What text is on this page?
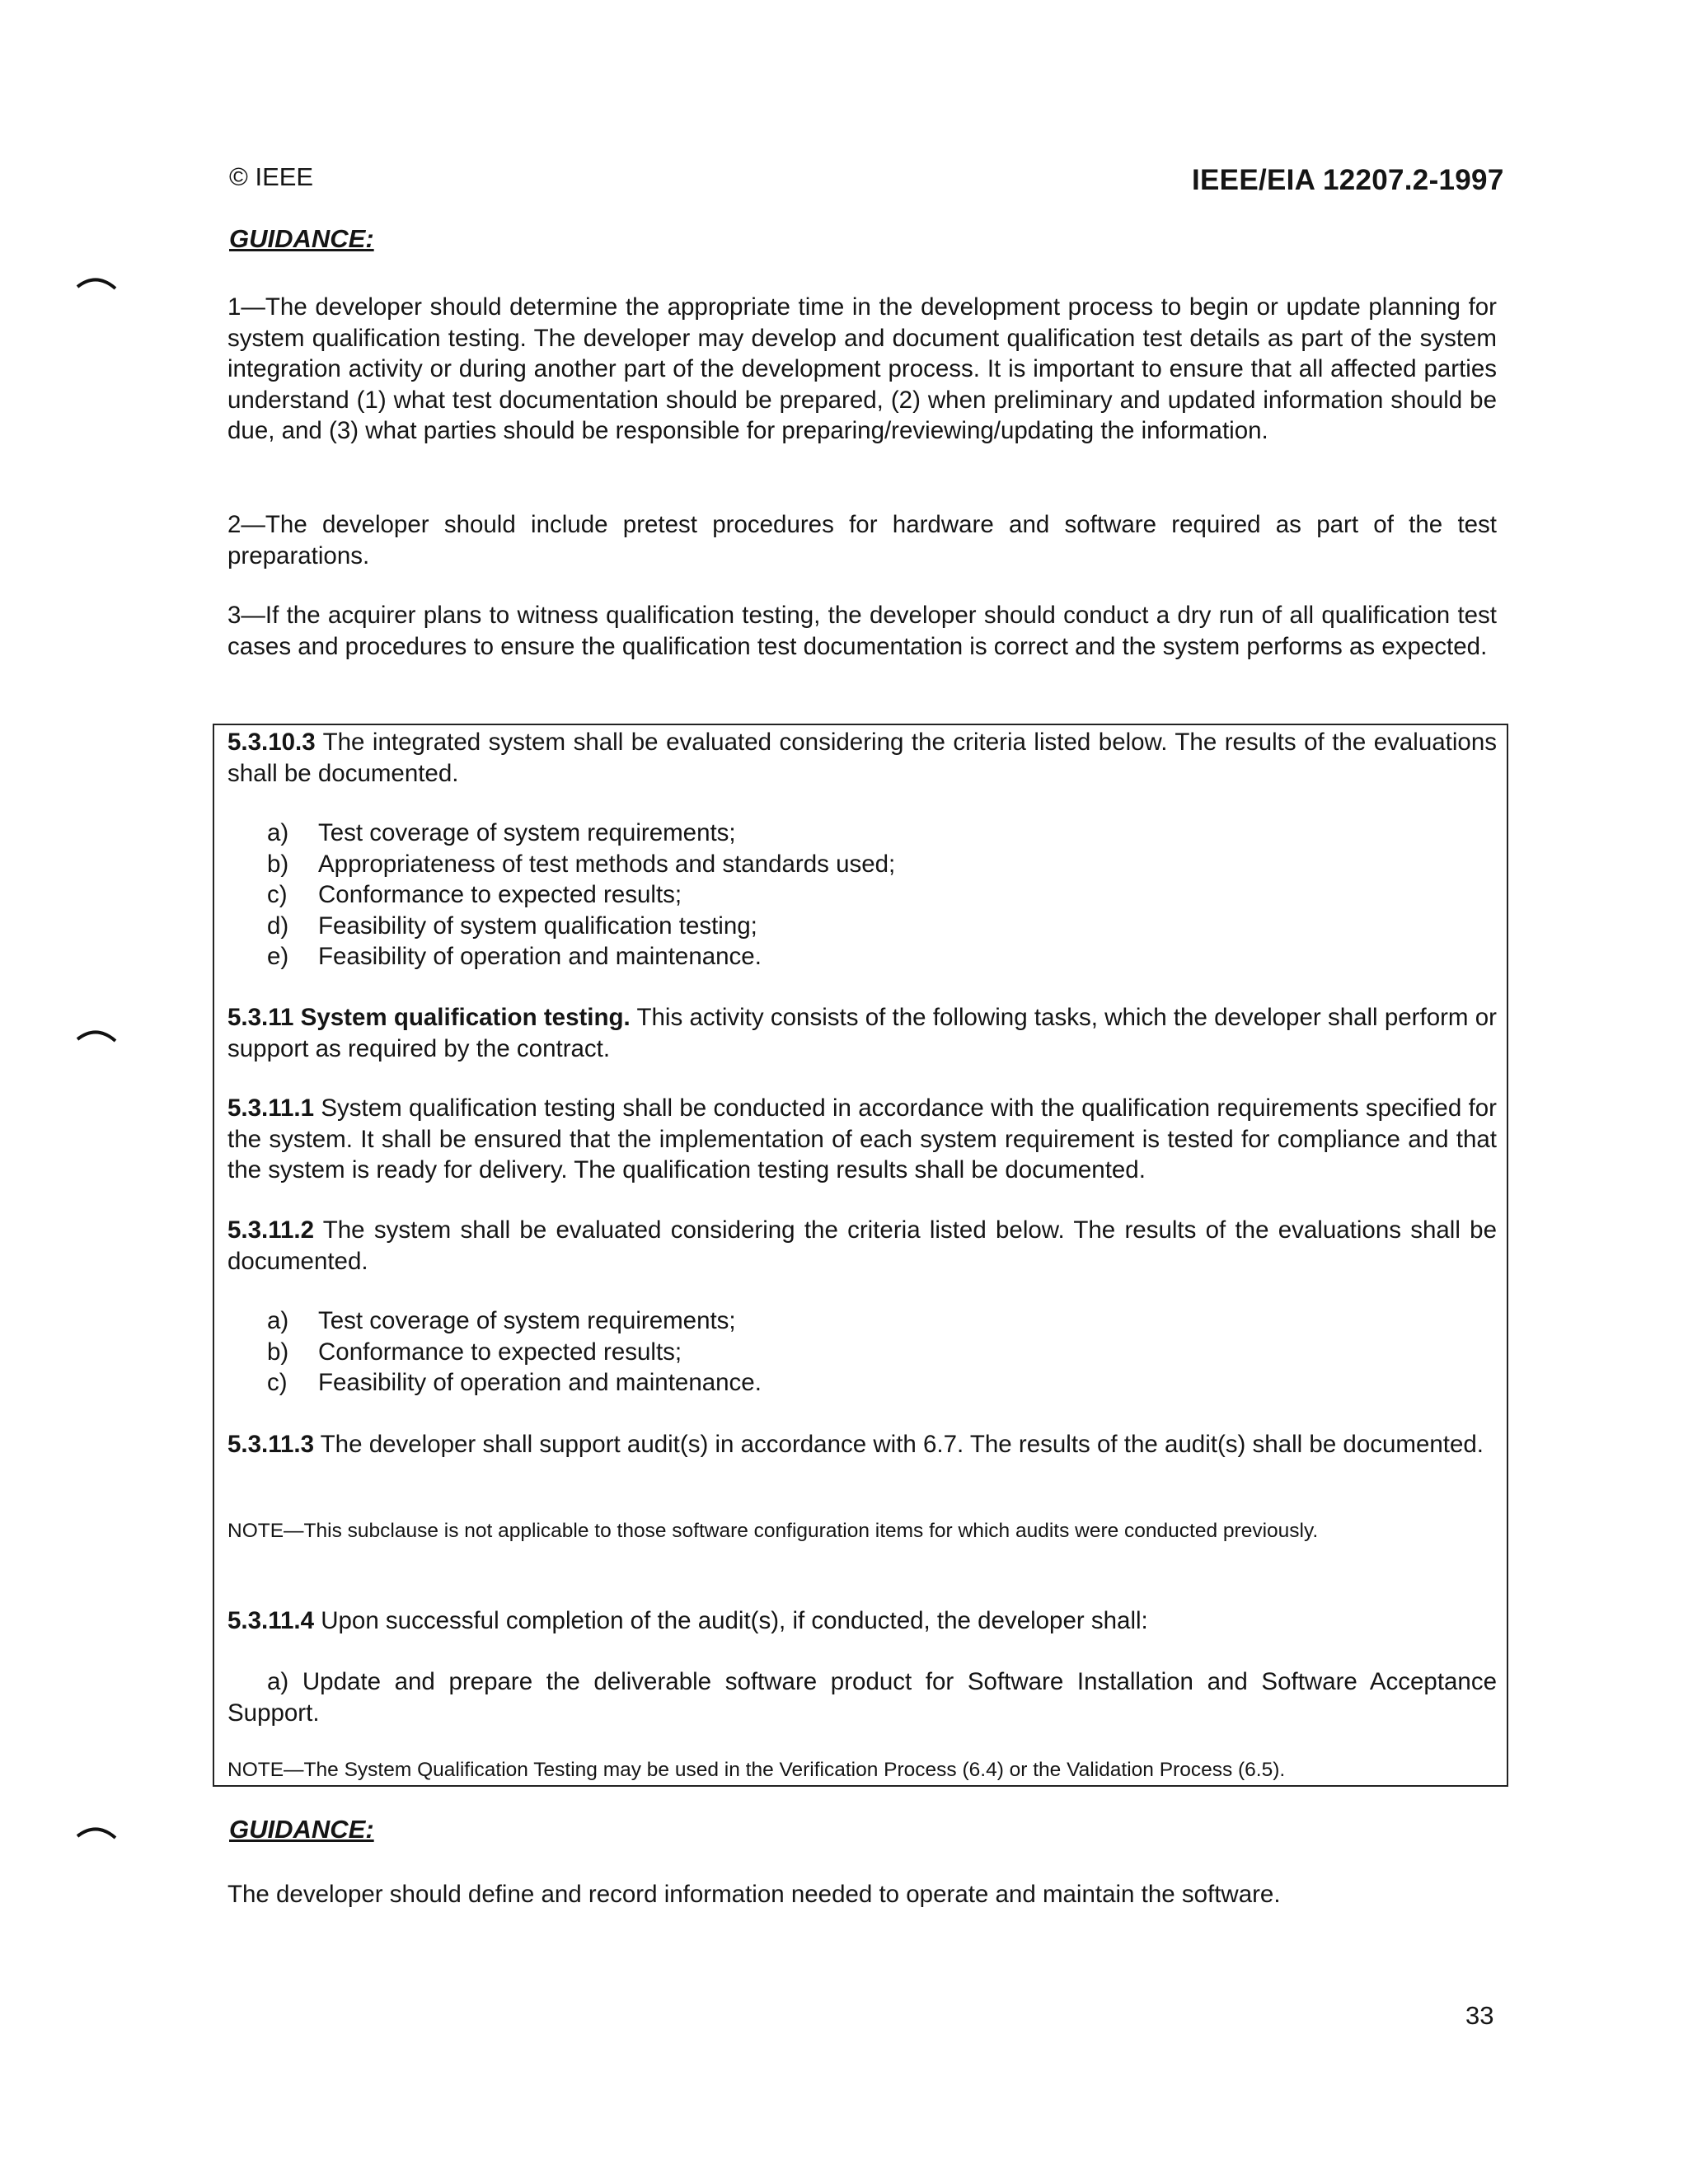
© IEEE	IEEE/EIA 12207.2-1997
GUIDANCE:

1—The developer should determine the appropriate time in the development process to begin or update planning for system qualification testing. The developer may develop and document qualification test details as part of the system integration activity or during another part of the development process. It is important to ensure that all affected parties understand (1) what test documentation should be prepared, (2) when preliminary and updated information should be due, and (3) what parties should be responsible for preparing/reviewing/updating the information.

2—The developer should include pretest procedures for hardware and software required as part of the test preparations.

3—If the acquirer plans to witness qualification testing, the developer should conduct a dry run of all qualification test cases and procedures to ensure the qualification test documentation is correct and the system performs as expected.

5.3.10.3 The integrated system shall be evaluated considering the criteria listed below. The results of the evaluations shall be documented.

a)	Test coverage of system requirements;
b)	Appropriateness of test methods and standards used;
c)	Conformance to expected results;
d)	Feasibility of system qualification testing;
e)	Feasibility of operation and maintenance.

5.3.11 System qualification testing. This activity consists of the following tasks, which the developer shall perform or support as required by the contract.

5.3.11.1 System qualification testing shall be conducted in accordance with the qualification requirements specified for the system. It shall be ensured that the implementation of each system requirement is tested for compliance and that the system is ready for delivery. The qualification testing results shall be documented.

5.3.11.2 The system shall be evaluated considering the criteria listed below. The results of the evaluations shall be documented.

a)	Test coverage of system requirements;
b)	Conformance to expected results;
c)	Feasibility of operation and maintenance.

5.3.11.3 The developer shall support audit(s) in accordance with 6.7. The results of the audit(s) shall be documented.

NOTE—This subclause is not applicable to those software configuration items for which audits were conducted previously.

5.3.11.4 Upon successful completion of the audit(s), if conducted, the developer shall:

a) Update and prepare the deliverable software product for Software Installation and Software Acceptance Support.

NOTE—The System Qualification Testing may be used in the Verification Process (6.4) or the Validation Process (6.5).

GUIDANCE:

The developer should define and record information needed to operate and maintain the software.

33
